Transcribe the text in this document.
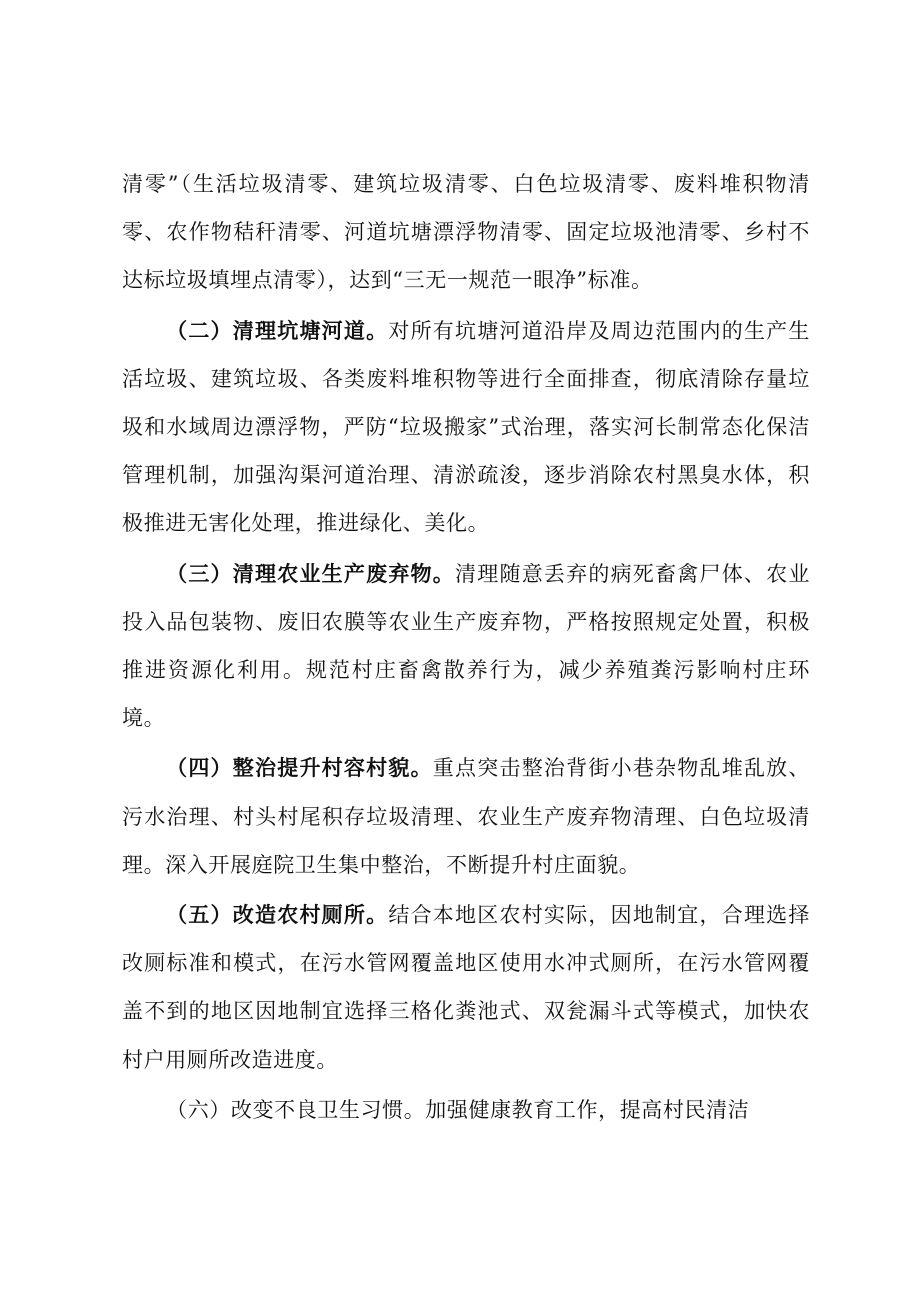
清零”（生活垃圾清零、建筑垃圾清零、白色垃圾清零、废料堆积物清零、农作物秸秆清零、河道坑塘漂浮物清零、固定垃圾池清零、乡村不达标垃圾填埋点清零），达到“三无一规范一眼净”标准。

（二）清理坑塘河道。对所有坑塘河道沿岸及周边范围内的生产生活垃圾、建筑垃圾、各类废料堆积物等进行全面排查，彻底清除存量垃圾和水域周边漂浮物，严防“垃圾搬家”式治理，落实河长制常态化保洁管理机制，加强沟渠河道治理、清淤疏浚，逐步消除农村黑臭水体，积极推进无害化处理，推进绿化、美化。

（三）清理农业生产废弃物。清理随意丢弃的病死畜禽尸体、农业投入品包装物、废旧农膜等农业生产废弃物，严格按照规定处置，积极推进资源化利用。规范村庄畜禽散养行为，减少养殖粪污影响村庄环境。

（四）整治提升村容村貌。重点突击整治背街小巷杂物乱堆乱放、污水治理、村头村尾积存垃圾清理、农业生产废弃物清理、白色垃圾清理。深入开展庭院卫生集中整治，不断提升村庄面貌。

（五）改造农村厕所。结合本地区农村实际，因地制宜，合理选择改厕标准和模式，在污水管网覆盖地区使用水冲式厕所，在污水管网覆盖不到的地区因地制宜选择三格化粪池式、双瓮漏斗式等模式，加快农村户用厕所改造进度。

（六）改变不良卫生习惯。加强健康教育工作，提高村民清洁
